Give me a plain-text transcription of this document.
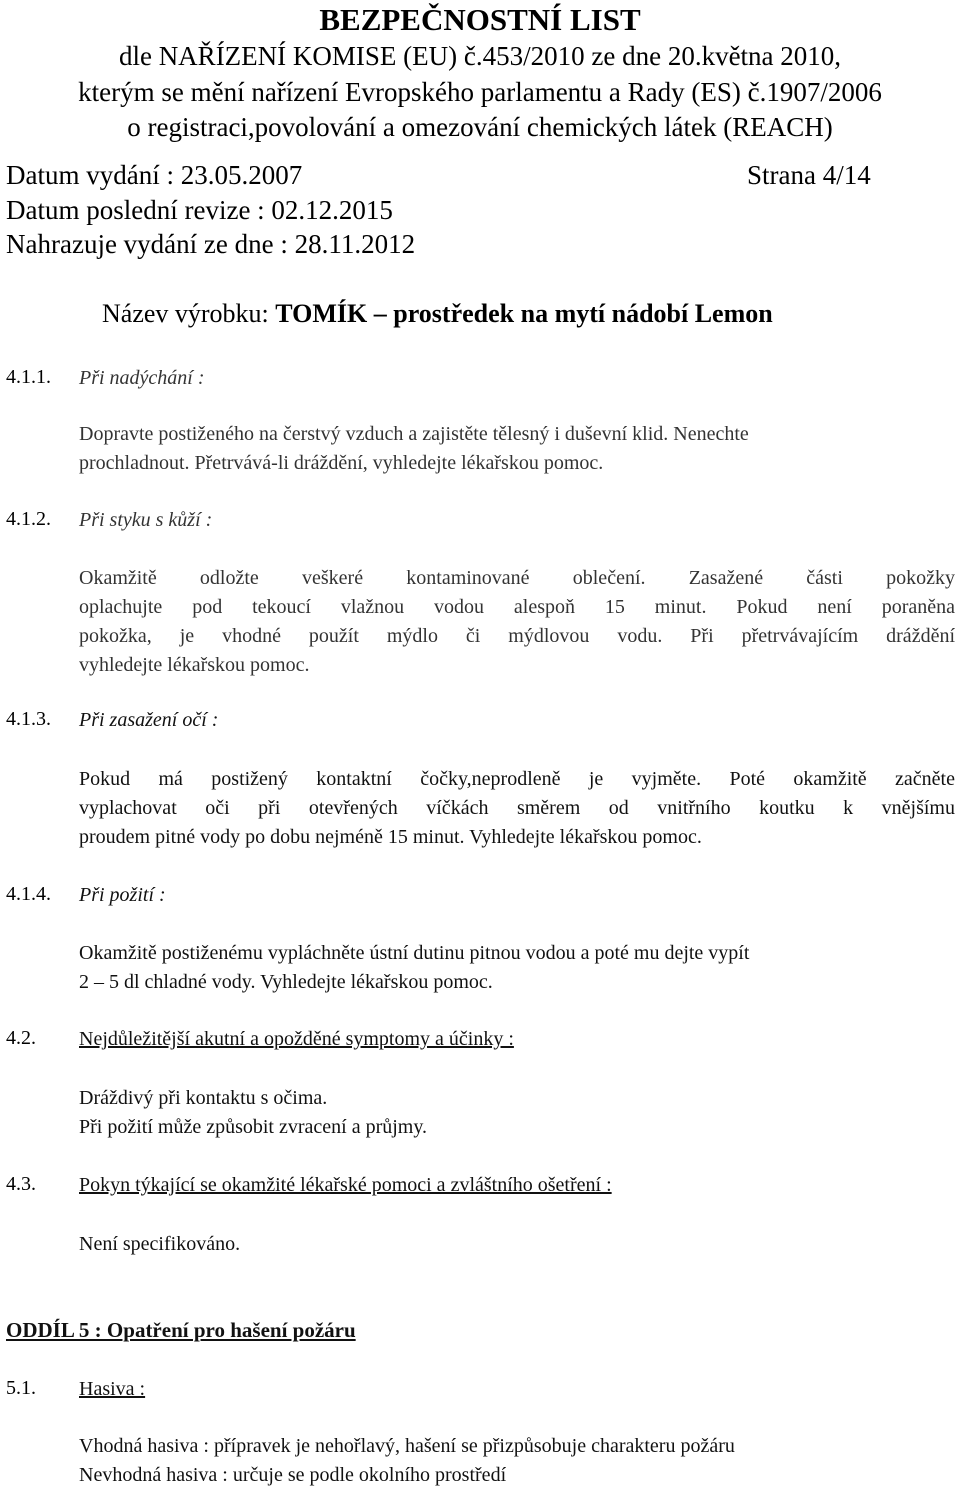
BEZPEČNOSTNÍ LIST
dle NAŘÍZENÍ KOMISE (EU) č.453/2010 ze dne 20.května 2010,
kterým se mění nařízení Evropského parlamentu a Rady (ES) č.1907/2006
o registraci,povolování a omezování chemických látek (REACH)
Datum vydání : 23.05.2007	Strana 4/14
Datum poslední revize : 02.12.2015
Nahrazuje vydání ze dne : 28.11.2012
Název výrobku: TOMÍK – prostředek na mytí nádobí Lemon
4.1.1. Při nadýchání :
Dopravte postiženého na čerstvý vzduch a zajistěte tělesný i duševní klid. Nenechte
prochladnout. Přetrvává-li dráždění, vyhledejte lékařskou pomoc.
4.1.2. Při styku s kůží :
Okamžitě odložte veškeré kontaminované oblečení. Zasažené části pokožky
oplachujte pod tekoucí vlažnou vodou alespoň 15 minut. Pokud není poraněna
pokožka, je vhodné použít mýdlo či mýdlovou vodu. Při přetrvávajícím dráždění
vyhledejte lékařskou pomoc.
4.1.3. Při zasažení očí :
Pokud má postižený kontaktní čočky,neprodleně je vyjměte. Poté okamžitě začněte
vyplachovat oči při otevřených víčkách směrem od vnitřního koutku k vnějšímu
proudem pitné vody po dobu nejméně 15 minut. Vyhledejte lékařskou pomoc.
4.1.4. Při požití :
Okamžitě postiženému vypláchněte ústní dutinu pitnou vodou a poté mu dejte vypít
2 – 5 dl chladné vody. Vyhledejte lékařskou pomoc.
4.2. Nejdůležitější akutní a opožděné symptomy a účinky :
Dráždivý při kontaktu s očima.
Při požití může způsobit zvracení a průjmy.
4.3. Pokyn týkající se okamžité lékařské pomoci a zvláštního ošetření :
Není specifikováno.
ODDÍL 5 : Opatření pro hašení požáru
5.1. Hasiva :
Vhodná hasiva : přípravek je nehořlavý, hašení se přizpůsobuje charakteru požáru
Nevhodná hasiva : určuje se podle okolního prostředí
